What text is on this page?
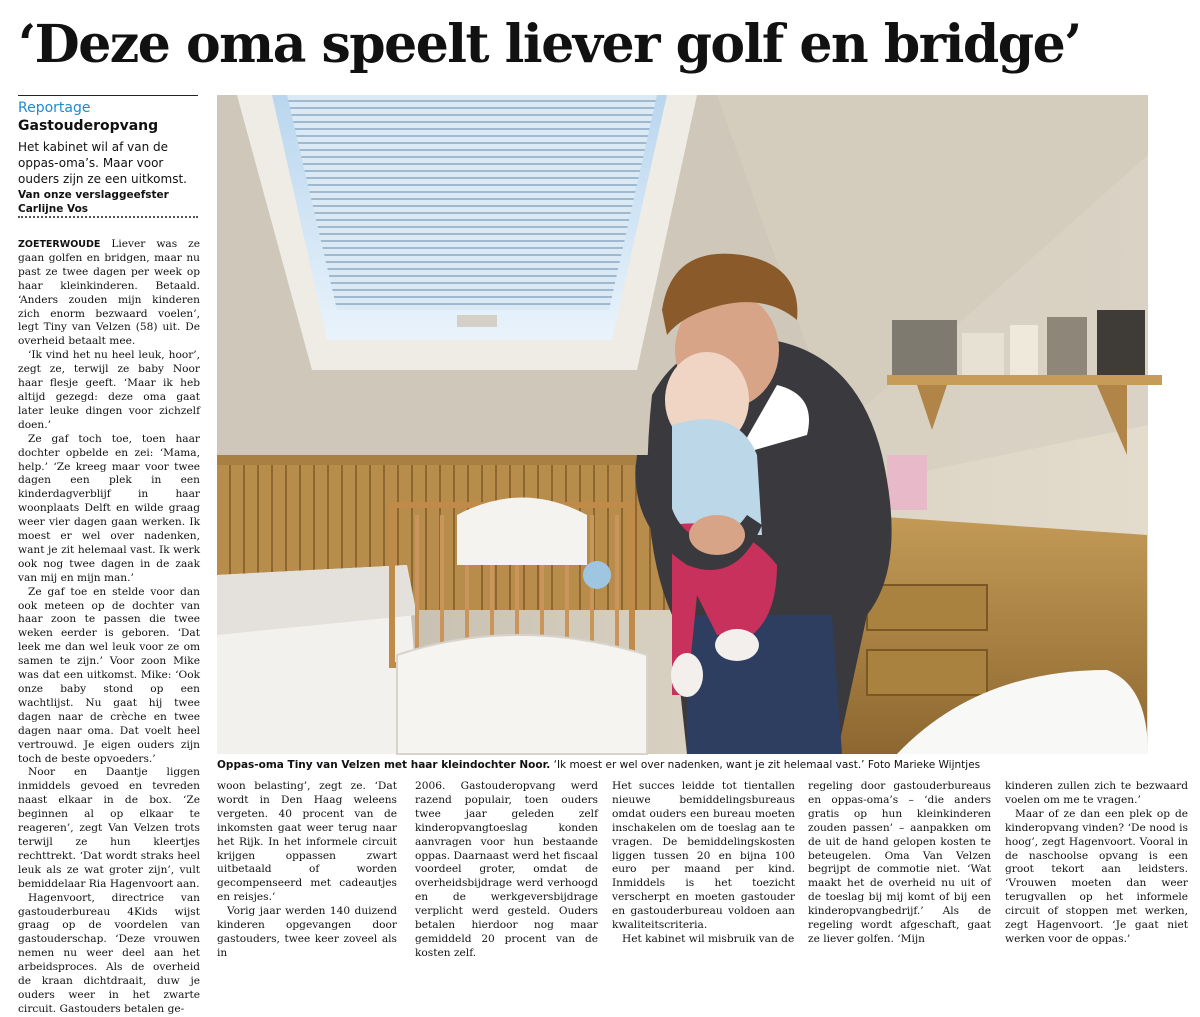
‘Deze oma speelt liever golf en bridge’
Reportage
Gastouderopvang

Het kabinet wil af van de oppas-oma’s. Maar voor ouders zijn ze een uitkomst.

Van onze verslaggeefster
Carlijne Vos

ZOETERWOUDE Liever was ze gaan golfen en bridgen, maar nu past ze twee dagen per week op haar kleinkinderen. Betaald. ‘Anders zouden mijn kinderen zich enorm bezwaard voelen’, legt Tiny van Velzen (58) uit. De overheid betaalt mee.

‘Ik vind het nu heel leuk, hoor’, zegt ze, terwijl ze baby Noor haar flesje geeft. ‘Maar ik heb altijd gezegd: deze oma gaat later leuke dingen voor zichzelf doen.’

Ze gaf toch toe, toen haar dochter opbelde en zei: ‘Mama, help.’ ‘Ze kreeg maar voor twee dagen een plek in een kinderdagverblijf in haar woonplaats Delft en wilde graag weer vier dagen gaan werken. Ik moest er wel over nadenken, want je zit helemaal vast. Ik werk ook nog twee dagen in de zaak van mij en mijn man.’

Ze gaf toe en stelde voor dan ook meteen op de dochter van haar zoon te passen die twee weken eerder is geboren. ‘Dat leek me dan wel leuk voor ze om samen te zijn.’ Voor zoon Mike was dat een uitkomst. Mike: ‘Ook onze baby stond op een wachtlijst. Nu gaat hij twee dagen naar de crèche en twee dagen naar oma. Dat voelt heel vertrouwd. Je eigen ouders zijn toch de beste opvoeders.’

Noor en Daantje liggen inmiddels gevoed en tevreden naast elkaar in de box. ‘Ze beginnen al op elkaar te reageren’, zegt Van Velzen trots terwijl ze hun kleertjes rechttrekt. ‘Dat wordt straks heel leuk als ze wat groter zijn’, vult bemiddelaar Ria Hagenvoort aan.

Hagenvoort, directrice van gastouderbureau 4Kids wijst graag op de voordelen van gastouderschap. ‘Deze vrouwen nemen nu weer deel aan het arbeidsproces. Als de overheid de kraan dichtdraait, duw je ouders weer in het zwarte circuit. Gastouders betalen ge-

Oppas-oma Tiny van Velzen met haar kleindochter Noor. ‘Ik moest er wel over nadenken, want je zit helemaal vast.’ Foto Marieke Wijntjes

woon belasting’, zegt ze. ‘Dat wordt in Den Haag weleens vergeten. 40 procent van de inkomsten gaat weer terug naar het Rijk. In het informele circuit krijgen oppassen zwart uitbetaald of worden gecompenseerd met cadeautjes en reisjes.’

Vorig jaar werden 140 duizend kinderen opgevangen door gastouders, twee keer zoveel als in

2006. Gastouderopvang werd razend populair, toen ouders twee jaar geleden zelf kinderopvangtoeslag konden aanvragen voor hun bestaande oppas. Daarnaast werd het fiscaal voordeel groter, omdat de overheidsbijdrage werd verhoogd en de werkgeversbijdrage verplicht werd gesteld. Ouders betalen hierdoor nog maar gemiddeld 20 procent van de kosten zelf.

Het succes leidde tot tientallen nieuwe bemiddelingsbureaus omdat ouders een bureau moeten inschakelen om de toeslag aan te vragen. De bemiddelingskosten liggen tussen 20 en bijna 100 euro per maand per kind. Inmiddels is het toezicht verscherpt en moeten gastouder en gastouderbureau voldoen aan kwaliteitscriteria.

Het kabinet wil misbruik van de

regeling door gastouderbureaus en oppas-oma’s – ‘die anders gratis op hun kleinkinderen zouden passen’ – aanpakken om de uit de hand gelopen kosten te beteugelen. Oma Van Velzen begrijpt de commotie niet. ‘Wat maakt het de overheid nu uit of de toeslag bij mij komt of bij een kinderopvangbedrijf.’ Als de regeling wordt afgeschaft, gaat ze liever golfen. ‘Mijn

kinderen zullen zich te bezwaard voelen om me te vragen.’

Maar of ze dan een plek op de kinderopvang vinden? ‘De nood is hoog’, zegt Hagenvoort. Vooral in de naschoolse opvang is een groot tekort aan leidsters. ‘Vrouwen moeten dan weer terugvallen op het informele circuit of stoppen met werken, zegt Hagenvoort. ‘Je gaat niet werken voor de oppas.’
